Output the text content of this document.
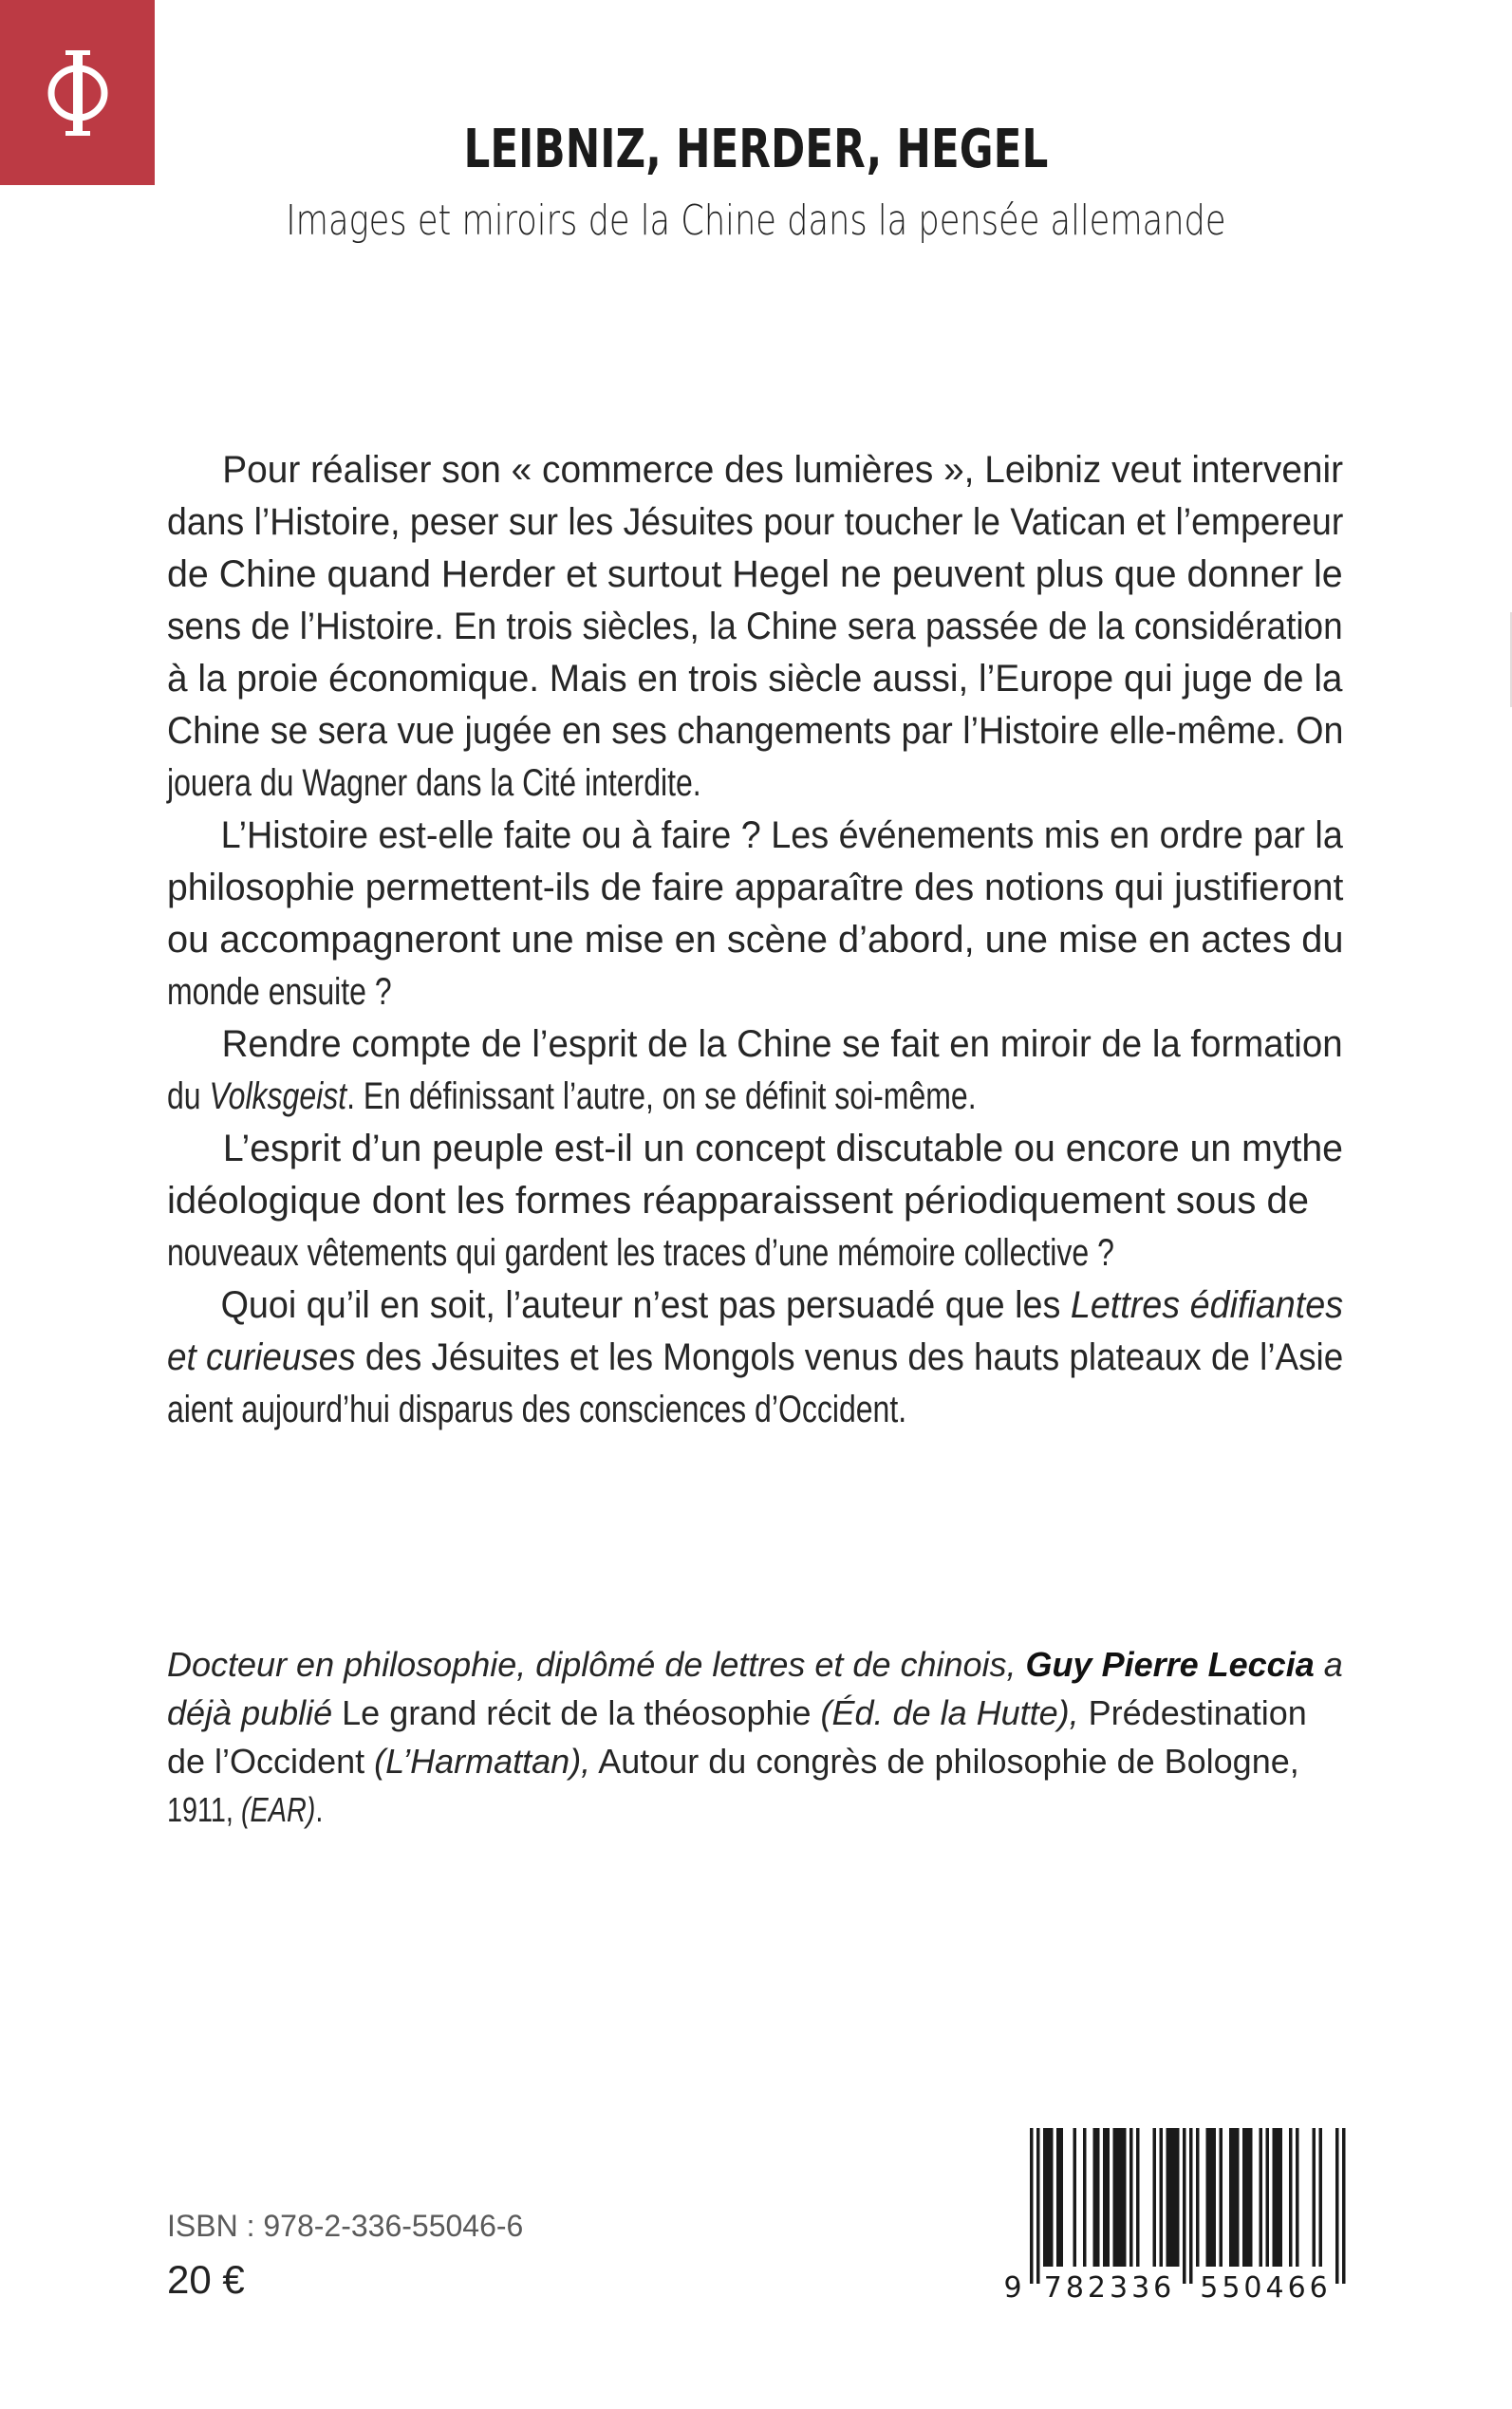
LEIBNIZ, HERDER, HEGEL
Images et miroirs de la Chine dans la pensée allemande
Pour réaliser son « commerce des lumières », Leibniz veut intervenir
dans l’Histoire, peser sur les Jésuites pour toucher le Vatican et l’empereur
de Chine quand Herder et surtout Hegel ne peuvent plus que donner le
sens de l’Histoire. En trois siècles, la Chine sera passée de la considération
à la proie économique. Mais en trois siècle aussi, l’Europe qui juge de la
Chine se sera vue jugée en ses changements par l’Histoire elle-même. On
jouera du Wagner dans la Cité interdite.
L’Histoire est-elle faite ou à faire ? Les événements mis en ordre par la
philosophie permettent-ils de faire apparaître des notions qui justifieront
ou accompagneront une mise en scène d’abord, une mise en actes du
monde ensuite ?
Rendre compte de l’esprit de la Chine se fait en miroir de la formation
du Volksgeist. En définissant l’autre, on se définit soi-même.
L’esprit d’un peuple est-il un concept discutable ou encore un mythe
idéologique dont les formes réapparaissent périodiquement sous de
nouveaux vêtements qui gardent les traces d’une mémoire collective ?
Quoi qu’il en soit, l’auteur n’est pas persuadé que les Lettres édifiantes
et curieuses des Jésuites et les Mongols venus des hauts plateaux de l’Asie
aient aujourd’hui disparus des consciences d’Occident.
Docteur en philosophie, diplômé de lettres et de chinois, Guy Pierre Leccia a
déjà publié Le grand récit de la théosophie (Éd. de la Hutte), Prédestination
de l’Occident (L’Harmattan), Autour du congrès de philosophie de Bologne,
1911, (EAR).
ISBN : 978-2-336-55046-6
20 €	9 782336 550466
